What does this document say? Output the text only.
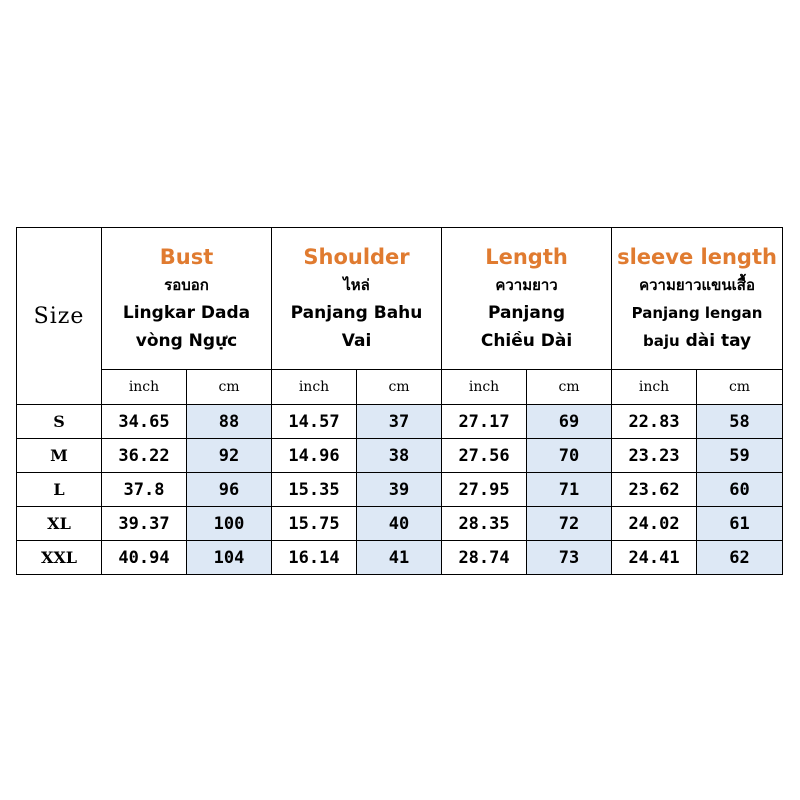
Size	Bust
รอบอก
Lingkar Dada
vòng Ngực		Shoulder
ไหล่
Panjang Bahu
Vai		Length
ความยาว
Panjang
Chiều Dài		sleeve length
ความยาวแขนเสื้อ
Panjang lengan
baju dài tay	

	inch	cm	inch	cm	inch	cm	inch	cm
S	34.65	88	14.57	37	27.17	69	22.83	58
M	36.22	92	14.96	38	27.56	70	23.23	59
L	37.8	96	15.35	39	27.95	71	23.62	60
XL	39.37	100	15.75	40	28.35	72	24.02	61
XXL	40.94	104	16.14	41	28.74	73	24.41	62
